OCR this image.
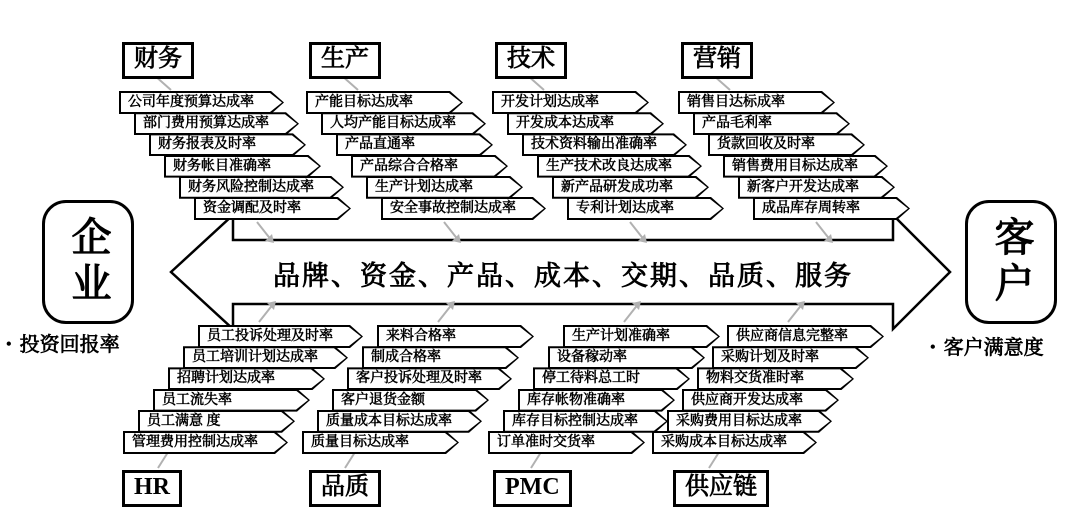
品牌、资金、产品、成本、交期、品质、服务
企业
• 投资回报率
客户
• 客户满意度
财务	生产	技术	营销
HR	品质	PMC	供应链
公司年度预算达成率
部门费用预算达成率
财务报表及时率
财务帐目准确率
财务风险控制达成率
资金调配及时率
产能目标达成率
人均产能目标达成率
产品直通率
产品综合合格率
生产计划达成率
安全事故控制达成率
开发计划达成率
开发成本达成率
技术资料输出准确率
生产技术改良达成率
新产品研发成功率
专利计划达成率
销售目达标成率
产品毛利率
货款回收及时率
销售费用目标达成率
新客户开发达成率
成品库存周转率
员工投诉处理及时率
员工培训计划达成率
招聘计划达成率
员工流失率
员工满意 度
管理费用控制达成率
来料合格率
制成合格率
客户投诉处理及时率
客户退货金额
质量成本目标达成率
质量目标达成率
生产计划准确率
设备稼动率
停工待料总工时
库存帐物准确率
库存目标控制达成率
订单准时交货率
供应商信息完整率
采购计划及时率
物料交货准时率
供应商开发达成率
采购费用目标达成率
采购成本目标达成率
